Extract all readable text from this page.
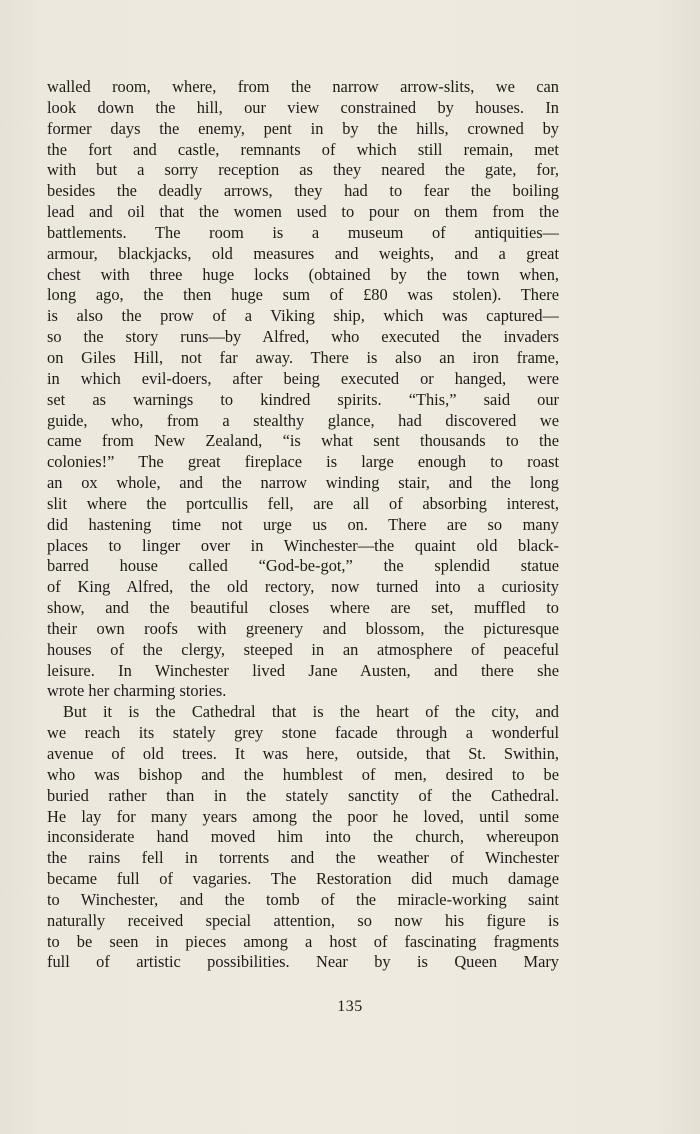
walled room, where, from the narrow arrow-slits, we can
look down the hill, our view constrained by houses. In
former days the enemy, pent in by the hills, crowned by
the fort and castle, remnants of which still remain, met
with but a sorry reception as they neared the gate, for,
besides the deadly arrows, they had to fear the boiling
lead and oil that the women used to pour on them from the
battlements. The room is a museum of antiquities—
armour, blackjacks, old measures and weights, and a great
chest with three huge locks (obtained by the town when,
long ago, the then huge sum of £80 was stolen). There
is also the prow of a Viking ship, which was captured—
so the story runs—by Alfred, who executed the invaders
on Giles Hill, not far away. There is also an iron frame,
in which evil-doers, after being executed or hanged, were
set as warnings to kindred spirits. “This,” said our
guide, who, from a stealthy glance, had discovered we
came from New Zealand, “is what sent thousands to the
colonies!” The great fireplace is large enough to roast
an ox whole, and the narrow winding stair, and the long
slit where the portcullis fell, are all of absorbing interest,
did hastening time not urge us on. There are so many
places to linger over in Winchester—the quaint old black-
barred house called “God-be-got,” the splendid statue
of King Alfred, the old rectory, now turned into a curiosity
show, and the beautiful closes where are set, muffled to
their own roofs with greenery and blossom, the picturesque
houses of the clergy, steeped in an atmosphere of peaceful
leisure. In Winchester lived Jane Austen, and there she
wrote her charming stories.
But it is the Cathedral that is the heart of the city, and
we reach its stately grey stone facade through a wonderful
avenue of old trees. It was here, outside, that St. Swithin,
who was bishop and the humblest of men, desired to be
buried rather than in the stately sanctity of the Cathedral.
He lay for many years among the poor he loved, until some
inconsiderate hand moved him into the church, whereupon
the rains fell in torrents and the weather of Winchester
became full of vagaries. The Restoration did much damage
to Winchester, and the tomb of the miracle-working saint
naturally received special attention, so now his figure is
to be seen in pieces among a host of fascinating fragments
full of artistic possibilities. Near by is Queen Mary
135
